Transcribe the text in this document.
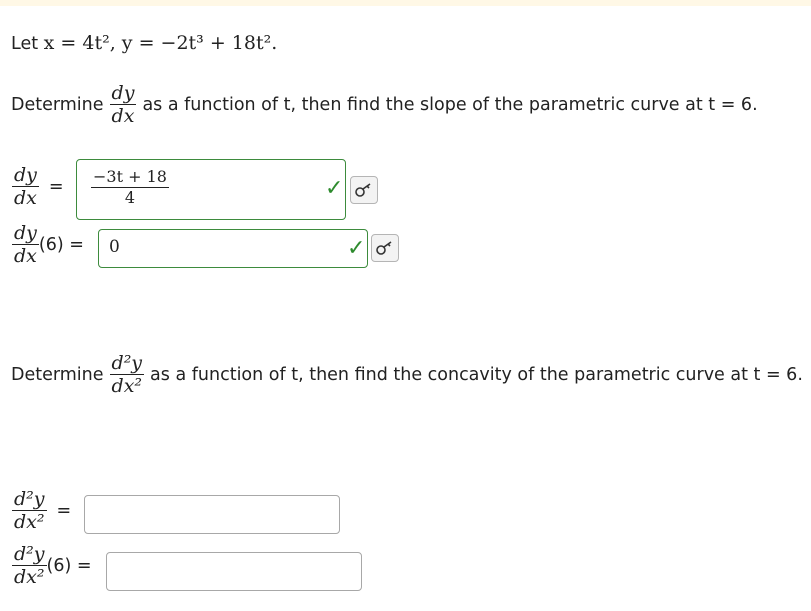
Let x = 4t², y = −2t³ + 18t².
Determine $\frac{dy}{dx}$ as a function of t, then find the slope of the parametric curve at t = 6.
$\frac{dy}{dx} = -3t + 18$
4	✓
$\frac{dy}{dx} (6) = 0$	✓
Determine $\frac{\text{d²y}}{\text{dx²}}$ as a function of t, then find the concavity of the parametric curve at t = 6.
$\frac{\text{d²y}}{\text{dx²}}$ =
$\frac{\text{d²y}}{\text{dx²}} (6)$ =
